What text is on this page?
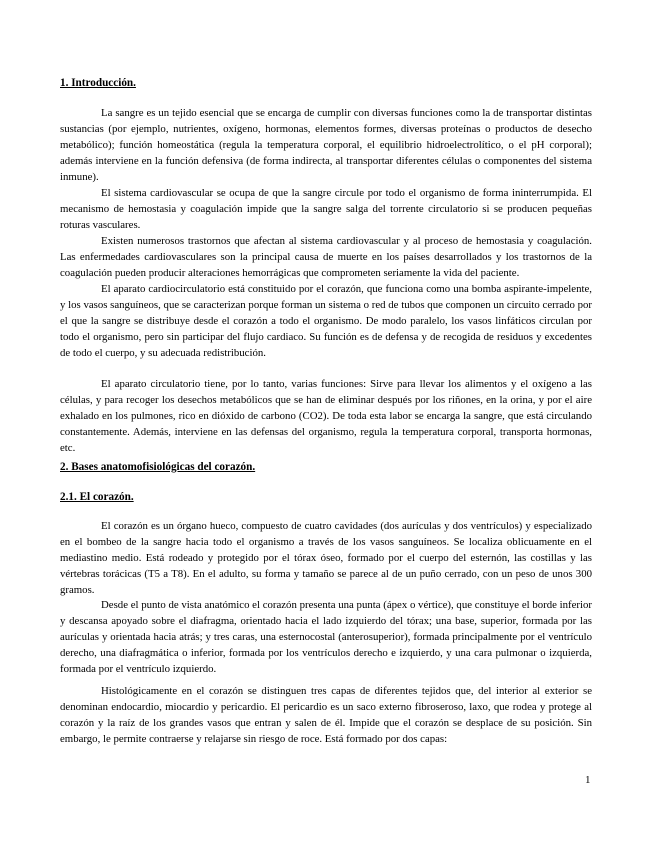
1. Introducción.

La sangre es un tejido esencial que se encarga de cumplir con diversas funciones como la de transportar distintas sustancias (por ejemplo, nutrientes, oxígeno, hormonas, elementos formes, diversas proteínas o productos de desecho metabólico); función homeostática (regula la temperatura corporal, el equilibrio hidroelectrolítico, o el pH corporal); además interviene en la función defensiva (de forma indirecta, al transportar diferentes células o componentes del sistema inmune).

El sistema cardiovascular se ocupa de que la sangre circule por todo el organismo de forma ininterrumpida. El mecanismo de hemostasia y coagulación impide que la sangre salga del torrente circulatorio si se producen pequeñas roturas vasculares.

Existen numerosos trastornos que afectan al sistema cardiovascular y al proceso de hemostasia y coagulación. Las enfermedades cardiovasculares son la principal causa de muerte en los países desarrollados y los trastornos de la coagulación pueden producir alteraciones hemorrágicas que comprometen seriamente la vida del paciente.

El aparato cardiocirculatorio está constituido por el corazón, que funciona como una bomba aspirante-impelente, y los vasos sanguíneos, que se caracterizan porque forman un sistema o red de tubos que componen un circuito cerrado por el que la sangre se distribuye desde el corazón a todo el organismo. De modo paralelo, los vasos linfáticos circulan por todo el organismo, pero sin participar del flujo cardiaco. Su función es de defensa y de recogida de residuos y excedentes de todo el cuerpo, y su adecuada redistribución.

El aparato circulatorio tiene, por lo tanto, varias funciones: Sirve para llevar los alimentos y el oxígeno a las células, y para recoger los desechos metabólicos que se han de eliminar después por los riñones, en la orina, y por el aire exhalado en los pulmones, rico en dióxido de carbono (CO2). De toda esta labor se encarga la sangre, que está circulando constantemente. Además, interviene en las defensas del organismo, regula la temperatura corporal, transporta hormonas, etc.

2. Bases anatomofisiológicas del corazón.
2.1. El corazón.

El corazón es un órgano hueco, compuesto de cuatro cavidades (dos aurículas y dos ventrículos) y especializado en el bombeo de la sangre hacia todo el organismo a través de los vasos sanguíneos. Se localiza oblicuamente en el mediastino medio. Está rodeado y protegido por el tórax óseo, formado por el cuerpo del esternón, las costillas y las vértebras torácicas (T5 a T8). En el adulto, su forma y tamaño se parece al de un puño cerrado, con un peso de unos 300 gramos.

Desde el punto de vista anatómico el corazón presenta una punta (ápex o vértice), que constituye el borde inferior y descansa apoyado sobre el diafragma, orientado hacia el lado izquierdo del tórax; una base, superior, formada por las aurículas y orientada hacia atrás; y tres caras, una esternocostal (anterosuperior), formada principalmente por el ventrículo derecho, una diafragmática o inferior, formada por los ventrículos derecho e izquierdo, y una cara pulmonar o izquierda, formada por el ventrículo izquierdo.

Histológicamente en el corazón se distinguen tres capas de diferentes tejidos que, del interior al exterior se denominan endocardio, miocardio y pericardio. El pericardio es un saco externo fibroseroso, laxo, que rodea y protege al corazón y la raíz de los grandes vasos que entran y salen de él. Impide que el corazón se desplace de su posición. Sin embargo, le permite contraerse y relajarse sin riesgo de roce. Está formado por dos capas:

1
